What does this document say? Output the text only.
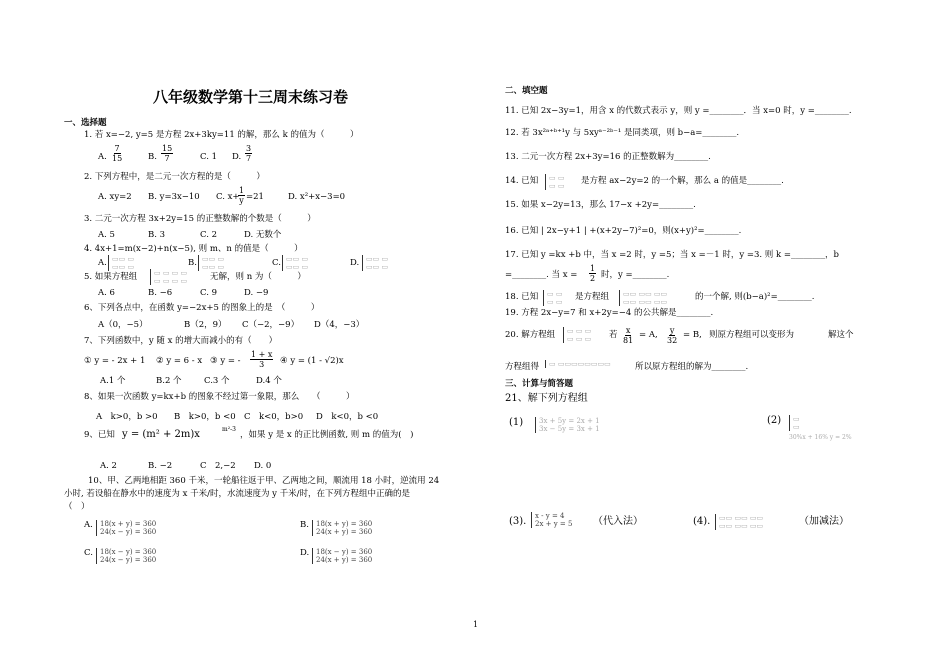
八年级数学第十三周末练习卷
一、选择题
1. 若 x=−2, y=5 是方程 2x+3ky=11 的解，那么 k 的值为（　　　）
A. $\frac{7}{15}$	B. $\frac{15}{7}$	C. 1 D. $\frac{3}{7}$
2. 下列方程中，是二元一次方程的是（　　　）
A. xy=2 B. y=3x−10 C. x+
$\frac{1}{y} =21$	D. x²+x−3=0
3. 二元一次方程 3x+2y=15 的正整数解的个数是（　　　）
A. 5	B. 3	C. 2	D. 无数个
4. 4x+1=m(x−2)+n(x−5), 则 m、n 的值是（　　　）
A. ▭▭ ▭
▭▭ ▭	B. ▭▭ ▭
▭▭ ▭	C. ▭▭ ▭
▭▭ ▭	D. ▭▭ ▭
▭▭ ▭
5. 如果方程组	▭ ▭ ▭ ▭
▭ ▭ ▭ ▭	无解，则 n 为（　　　）
A. 6	B. −6	C. 9	D. −9
6、下列各点中，在函数 y=−2x+5 的图象上的是　（　　　）
A（0，−5）	B（2，9） C（−2，−9） D（4，−3）
7、下列函数中，y 随 x 的增大而减小的有（　　）
① y = - 2x + 1 ② y = 6 - x ③ y = - $\frac{1 + x}{3}$ ④ y = (1 - √2)x
A.1 个	B.2 个	C.3 个	D.4 个
8、如果一次函数 y=kx+b 的图象不经过第一象限，那么　　（　　　）
A　k>0，b >0 B　k>0，b <0 C　k<0，b>0 D　k<0，b <0
9、已知 y = (m² + 2m)x	m²-3
，如果 y 是 x 的正比例函数, 则 m 的值为(　)
A. 2	B. −2	C　2,−2 D. 0
10、甲、乙两地相距 360 千米，一轮船往返于甲、乙两地之间，顺流用 18 小时，逆流用 24
小时, 若设船在静水中的速度为 x 千米/时，水流速度为 y 千米/时，在下列方程组中正确的是
（　）
A.	18(x + y) = 360
24(x − y) = 360
B.	18(x + y) = 360
24(x + y) = 360
C.	18(x − y) = 360
24(x − y) = 360
D. 18(x − y) = 360
24(x + y) = 360
二、填空题
11. 已知 2x−3y=1，用含 x 的代数式表示 y，则 y =________．当 x=0 时，y =________.
12. 若 3x²ᵃ⁺ᵇ⁺¹y 与 5xyᵃ⁻²ᵇ⁻¹ 是同类项，则 b−a=________.
13. 二元一次方程 2x+3y=16 的正整数解为________.
14. 已知	▭ ▭
▭ ▭ 是方程 ax−2y=2 的一个解，那么 a 的值是________.
15. 如果 x−2y=13，那么 17−x +2y=________.
16. 已知 | 2x−y+1 | +(x+2y−7)²=0，则(x+y)²=________.
17. 已知 y =kx +b 中，当 x =2 时，y =5；当 x =－1 时，y =3. 则 k =________，b
=________. 当 $x = \frac{1}{2}$ 时，y =________.
18. 已知	▭ ▭
▭ ▭ 是方程组	▭▭ ▭▭ ▭▭
▭▭ ▭▭ ▭▭	的一个解, 则(b−a)²=________.
19. 方程 2x−y=7 和 x+2y=−4 的公共解是________.
20. 解方程组	▭ ▭ ▭
▭ ▭ ▭ 若 $\frac{x}{81} = A$, $\frac{y}{32} = B$, 则原方程组可以变形为　　　　解这个
方程组得	▭ ▭▭▭▭▭▭▭▭	所以原方程组的解为________.
三、计算与简答题
21、解下列方程组
(1)	3x + 5y = 2x + 1
3x − 5y = 3x + 1
(2)	▭
▭
30%x + 16% y = 2%
(3).	x - y = 4
2x + y = 5 （代入法）	(4).	▭▭ ▭▭ ▭▭
▭▭ ▭▭ ▭▭	（加减法）
1
